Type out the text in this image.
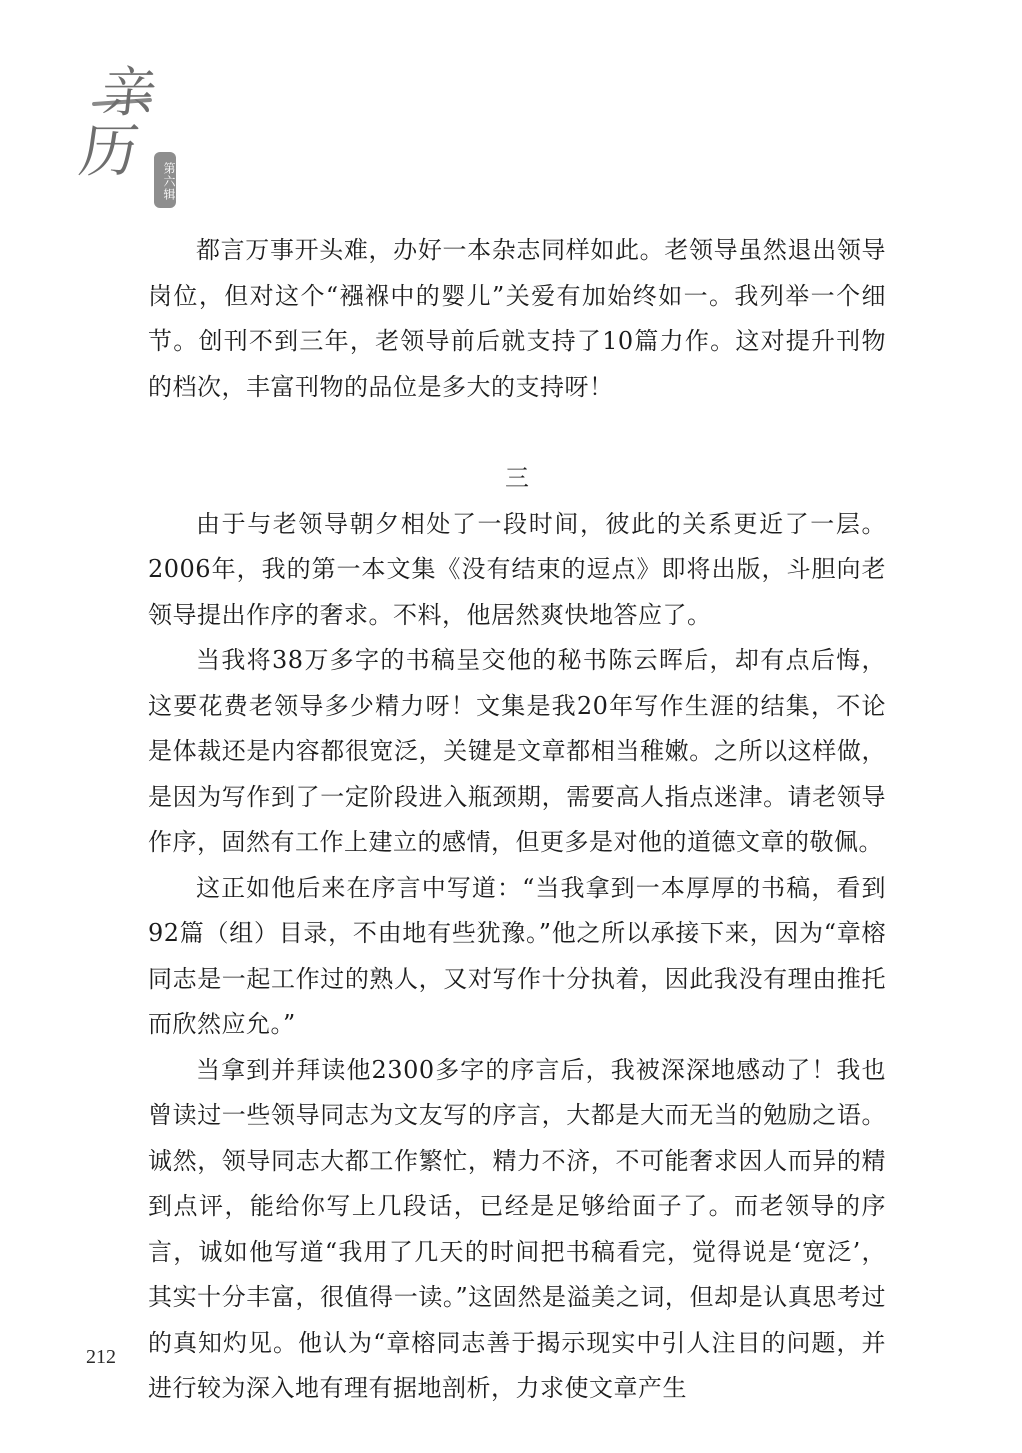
亲
历	第六辑

都言万事开头难，办好一本杂志同样如此。老领导虽然退出领导岗位，但对这个“襁褓中的婴儿”关爱有加始终如一。我列举一个细节。创刊不到三年，老领导前后就支持了10篇力作。这对提升刊物的档次，丰富刊物的品位是多大的支持呀！

三

由于与老领导朝夕相处了一段时间，彼此的关系更近了一层。2006年，我的第一本文集《没有结束的逗点》即将出版，斗胆向老领导提出作序的奢求。不料，他居然爽快地答应了。

当我将38万多字的书稿呈交他的秘书陈云晖后，却有点后悔，这要花费老领导多少精力呀！文集是我20年写作生涯的结集，不论是体裁还是内容都很宽泛，关键是文章都相当稚嫩。之所以这样做，是因为写作到了一定阶段进入瓶颈期，需要高人指点迷津。请老领导作序，固然有工作上建立的感情，但更多是对他的道德文章的敬佩。

这正如他后来在序言中写道：“当我拿到一本厚厚的书稿，看到92篇（组）目录，不由地有些犹豫。”他之所以承接下来，因为“章榕同志是一起工作过的熟人，又对写作十分执着，因此我没有理由推托而欣然应允。”

当拿到并拜读他2300多字的序言后，我被深深地感动了！我也曾读过一些领导同志为文友写的序言，大都是大而无当的勉励之语。诚然，领导同志大都工作繁忙，精力不济，不可能奢求因人而异的精到点评，能给你写上几段话，已经是足够给面子了。而老领导的序言，诚如他写道“我用了几天的时间把书稿看完，觉得说是‘宽泛’，其实十分丰富，很值得一读。”这固然是溢美之词，但却是认真思考过的真知灼见。他认为“章榕同志善于揭示现实中引人注目的问题，并进行较为深入地有理有据地剖析，力求使文章产生

212
